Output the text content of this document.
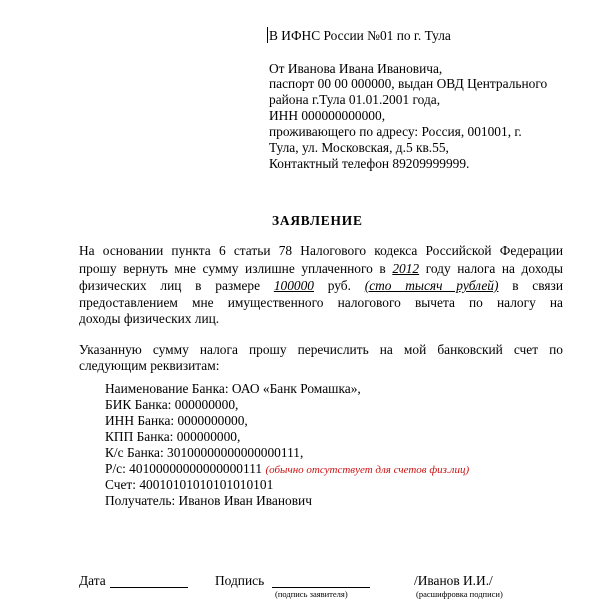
В ИФНС России №01 по г. Тула
От Иванова Ивана Ивановича,
паспорт 00 00 000000, выдан ОВД Центрального
района г.Тула 01.01.2001 года,
ИНН 000000000000,
проживающего по адресу: Россия, 001001, г.
Тула, ул. Московская, д.5 кв.55,
Контактный телефон 89209999999.
ЗАЯВЛЕНИЕ
На основании пункта 6 статьи 78 Налогового кодекса Российской Федерации
прошу вернуть мне сумму излишне уплаченного в 2012 году налога на доходы
физических лиц в размере 100000 руб. (сто тысяч рублей) в связи
предоставлением мне имущественного налогового вычета по налогу на
доходы физических лиц.
Указанную сумму налога прошу перечислить на мой банковский счет по
следующим реквизитам:
Наименование Банка: ОАО «Банк Ромашка»,
БИК Банка: 000000000,
ИНН Банка: 0000000000,
КПП Банка: 000000000,
К/с Банка: 30100000000000000111,
Р/с: 40100000000000000111 (обычно отсутствует для счетов физ.лиц)
Счет: 40010101010101010101
Получатель: Иванов Иван Иванович
Дата	Подпись
(подпись заявителя)
/Иванов И.И./
(расшифровка подписи)
